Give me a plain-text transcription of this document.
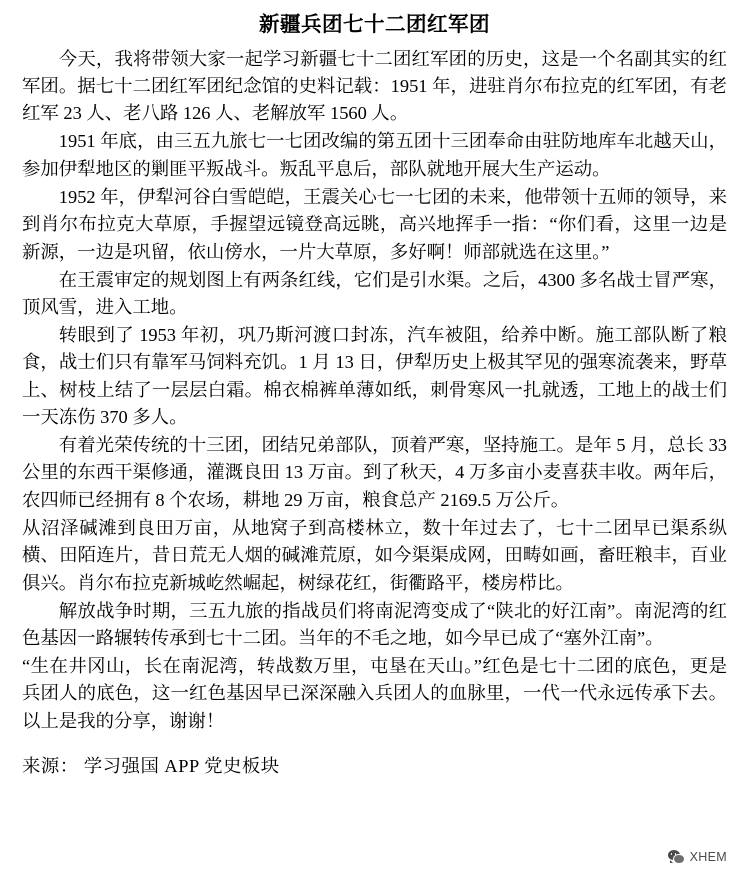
新疆兵团七十二团红军团

今天，我将带领大家一起学习新疆七十二团红军团的历史，这是一个名副其实的红军团。据七十二团红军团纪念馆的史料记载：1951 年，进驻肖尔布拉克的红军团，有老红军 23 人、老八路 126 人、老解放军 1560 人。

1951 年底，由三五九旅七一七团改编的第五团十三团奉命由驻防地库车北越天山，参加伊犁地区的剿匪平叛战斗。叛乱平息后，部队就地开展大生产运动。

1952 年，伊犁河谷白雪皑皑，王震关心七一七团的未来，他带领十五师的领导，来到肖尔布拉克大草原，手握望远镜登高远眺，高兴地挥手一指：“你们看，这里一边是新源，一边是巩留，依山傍水，一片大草原，多好啊！师部就选在这里。”

在王震审定的规划图上有两条红线，它们是引水渠。之后，4300 多名战士冒严寒，顶风雪，进入工地。

转眼到了 1953 年初，巩乃斯河渡口封冻，汽车被阻，给养中断。施工部队断了粮食，战士们只有靠军马饲料充饥。1 月 13 日，伊犁历史上极其罕见的强寒流袭来，野草上、树枝上结了一层层白霜。棉衣棉裤单薄如纸，刺骨寒风一扎就透，工地上的战士们一天冻伤 370 多人。

有着光荣传统的十三团，团结兄弟部队，顶着严寒，坚持施工。是年 5 月，总长 33 公里的东西干渠修通，灌溉良田 13 万亩。到了秋天，4 万多亩小麦喜获丰收。两年后，农四师已经拥有 8 个农场，耕地 29 万亩，粮食总产 2169.5 万公斤。

从沼泽碱滩到良田万亩，从地窝子到高楼林立，数十年过去了，七十二团早已渠系纵横、田陌连片，昔日荒无人烟的碱滩荒原，如今渠渠成网，田畴如画，畜旺粮丰，百业俱兴。肖尔布拉克新城屹然崛起，树绿花红，街衢路平，楼房栉比。

解放战争时期，三五九旅的指战员们将南泥湾变成了“陕北的好江南”。南泥湾的红色基因一路辗转传承到七十二团。当年的不毛之地，如今早已成了“塞外江南”。

“生在井冈山，长在南泥湾，转战数万里，屯垦在天山。”红色是七十二团的底色，更是兵团人的底色，这一红色基因早已深深融入兵团人的血脉里，一代一代永远传承下去。以上是我的分享，谢谢！

来源： 学习强国 APP 党史板块

XHEM
